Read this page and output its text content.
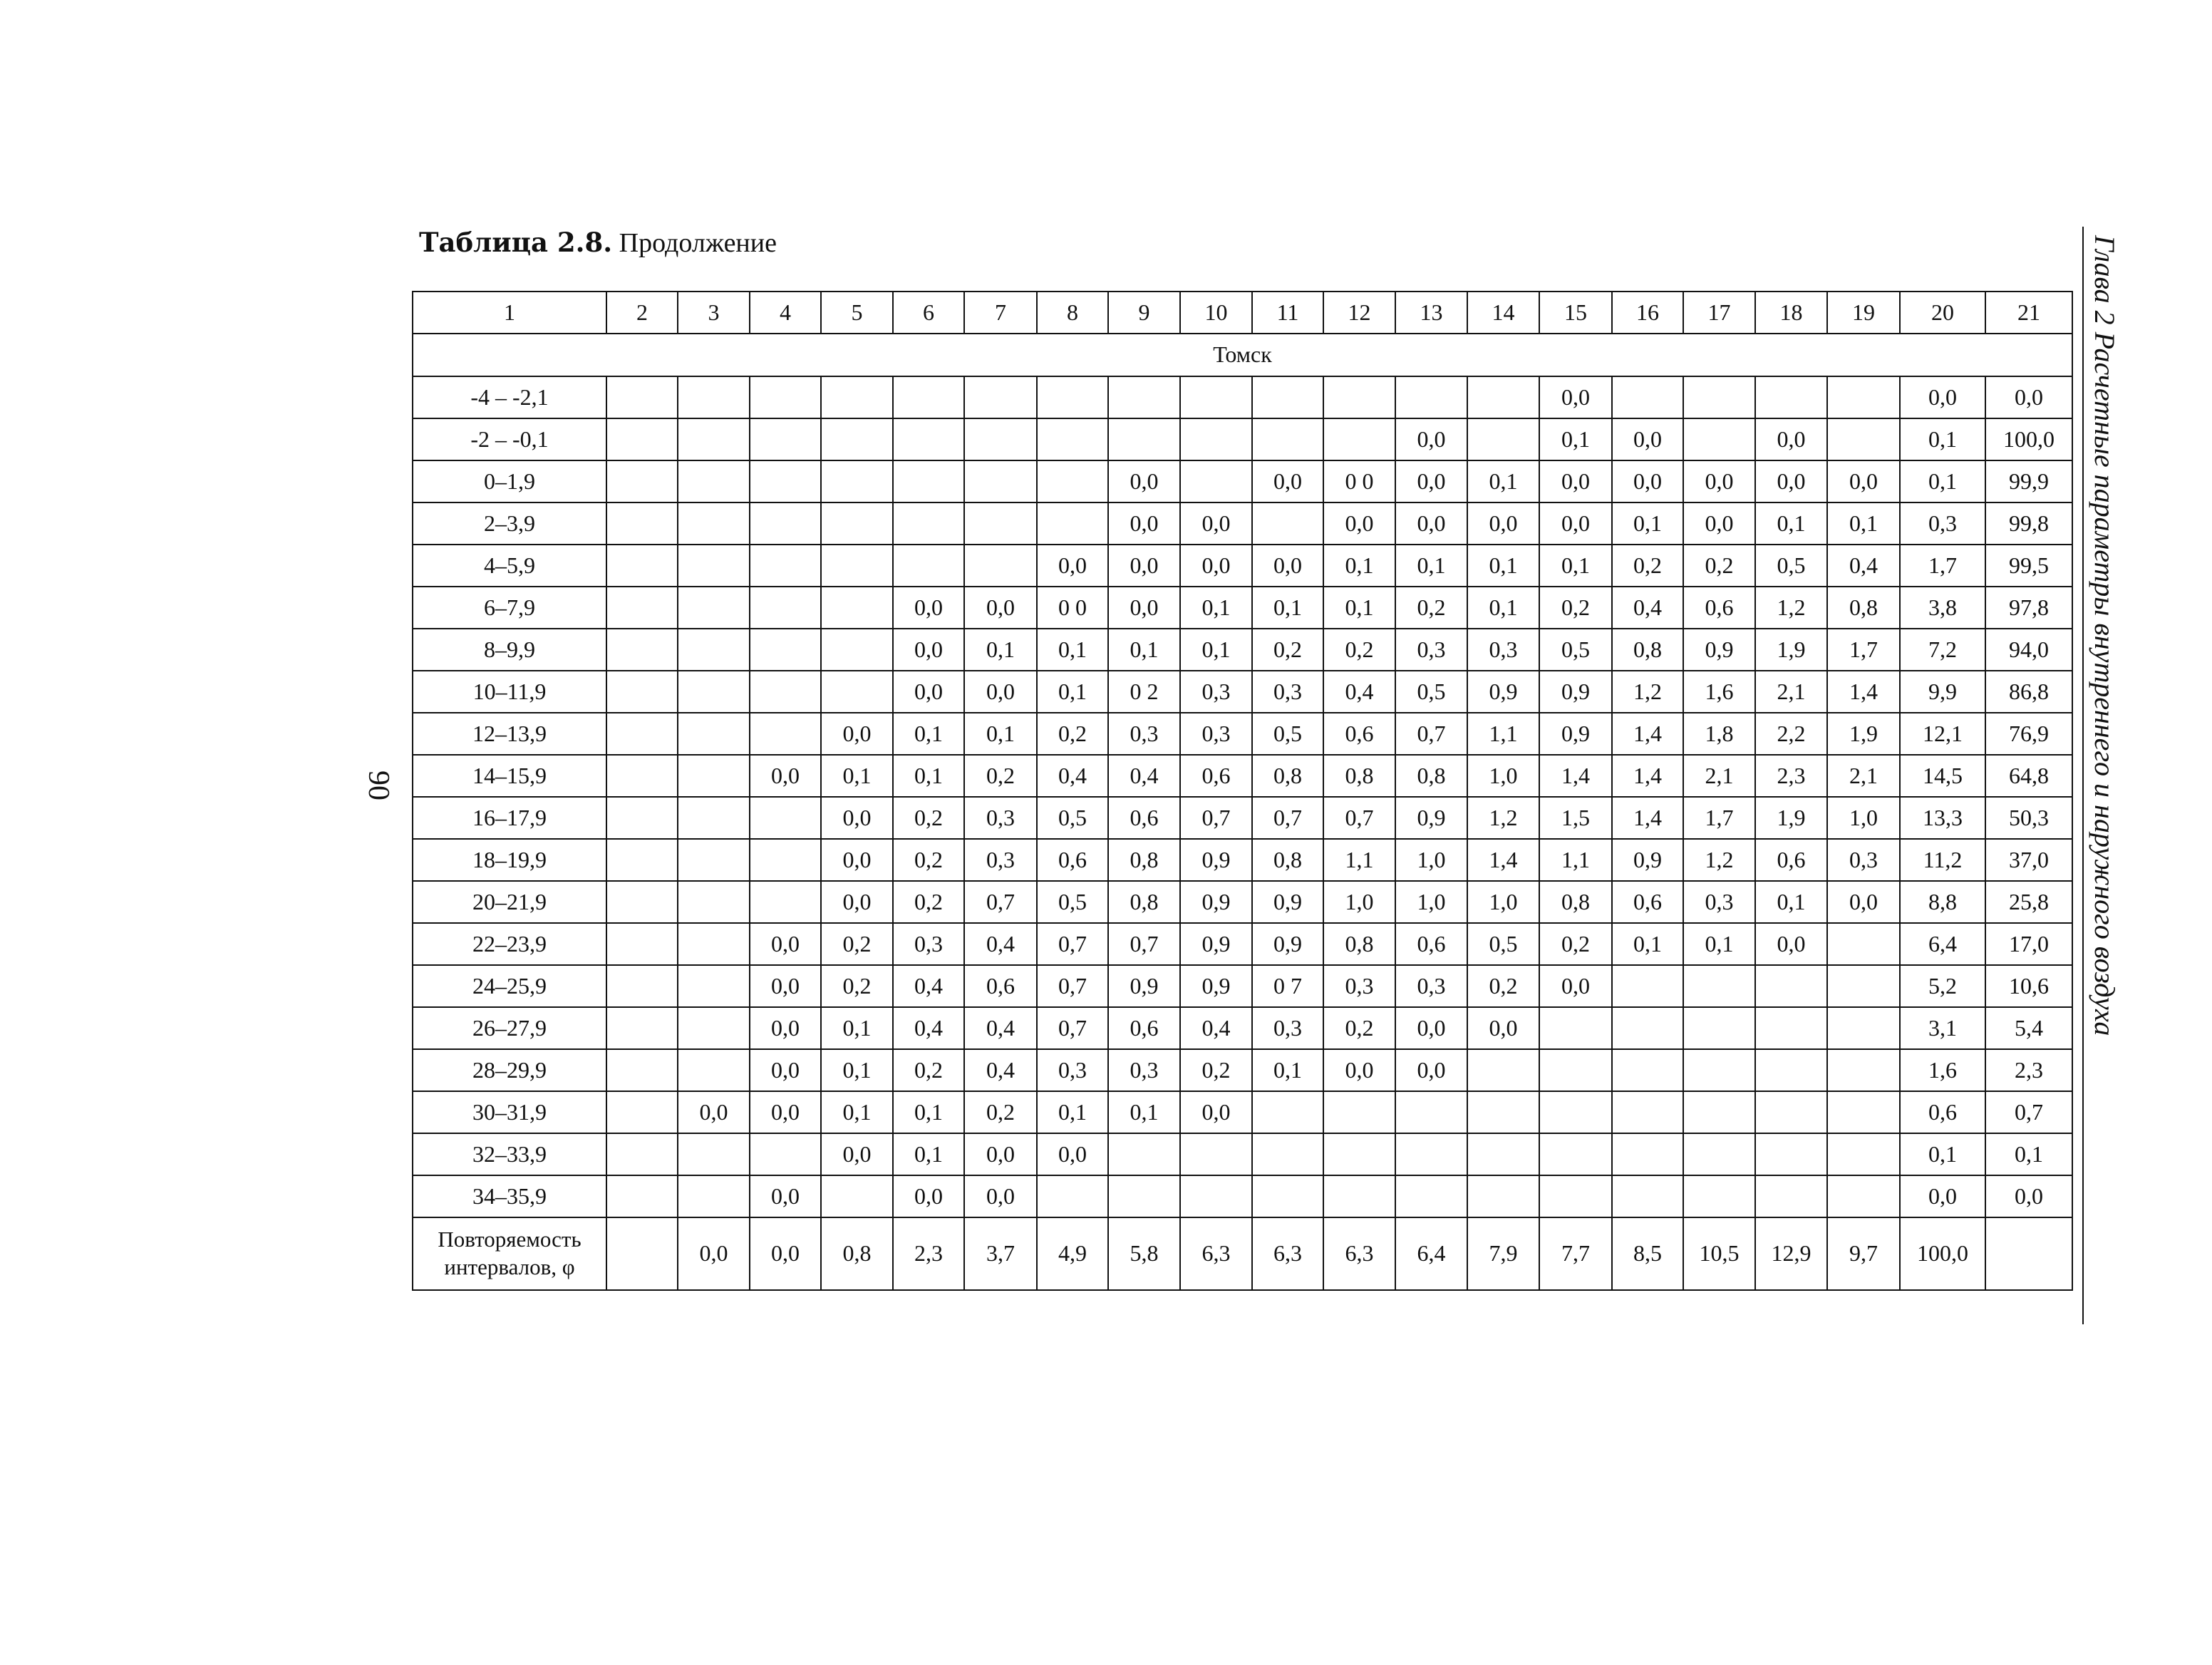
Таблица 2.8. Продолжение
90	Глава 2 Расчетные параметры внутреннего и наружного воздуха
1	2	3	4	5	6	7	8	9	10	11	12	13	14	15	16	17	18	19	20	21
Томск																				
-4 – -2,1														0,0					0,0	0,0
-2 – -0,1												0,0		0,1	0,0		0,0		0,1	100,0
0–1,9								0,0		0,0	0 0	0,0	0,1	0,0	0,0	0,0	0,0	0,0	0,1	99,9
2–3,9								0,0	0,0		0,0	0,0	0,0	0,0	0,1	0,0	0,1	0,1	0,3	99,8
4–5,9							0,0	0,0	0,0	0,0	0,1	0,1	0,1	0,1	0,2	0,2	0,5	0,4	1,7	99,5
6–7,9					0,0	0,0	0 0	0,0	0,1	0,1	0,1	0,2	0,1	0,2	0,4	0,6	1,2	0,8	3,8	97,8
8–9,9					0,0	0,1	0,1	0,1	0,1	0,2	0,2	0,3	0,3	0,5	0,8	0,9	1,9	1,7	7,2	94,0
10–11,9					0,0	0,0	0,1	0 2	0,3	0,3	0,4	0,5	0,9	0,9	1,2	1,6	2,1	1,4	9,9	86,8
12–13,9				0,0	0,1	0,1	0,2	0,3	0,3	0,5	0,6	0,7	1,1	0,9	1,4	1,8	2,2	1,9	12,1	76,9
14–15,9			0,0	0,1	0,1	0,2	0,4	0,4	0,6	0,8	0,8	0,8	1,0	1,4	1,4	2,1	2,3	2,1	14,5	64,8
16–17,9				0,0	0,2	0,3	0,5	0,6	0,7	0,7	0,7	0,9	1,2	1,5	1,4	1,7	1,9	1,0	13,3	50,3
18–19,9				0,0	0,2	0,3	0,6	0,8	0,9	0,8	1,1	1,0	1,4	1,1	0,9	1,2	0,6	0,3	11,2	37,0
20–21,9				0,0	0,2	0,7	0,5	0,8	0,9	0,9	1,0	1,0	1,0	0,8	0,6	0,3	0,1	0,0	8,8	25,8
22–23,9			0,0	0,2	0,3	0,4	0,7	0,7	0,9	0,9	0,8	0,6	0,5	0,2	0,1	0,1	0,0		6,4	17,0
24–25,9			0,0	0,2	0,4	0,6	0,7	0,9	0,9	0 7	0,3	0,3	0,2	0,0					5,2	10,6
26–27,9			0,0	0,1	0,4	0,4	0,7	0,6	0,4	0,3	0,2	0,0	0,0						3,1	5,4
28–29,9			0,0	0,1	0,2	0,4	0,3	0,3	0,2	0,1	0,0	0,0							1,6	2,3
30–31,9		0,0	0,0	0,1	0,1	0,2	0,1	0,1	0,0										0,6	0,7
32–33,9				0,0	0,1	0,0	0,0												0,1	0,1
34–35,9			0,0		0,0	0,0													0,0	0,0
Повторяемость интервалов, φ		0,0	0,0	0,8	2,3	3,7	4,9	5,8	6,3	6,3	6,3	6,4	7,9	7,7	8,5	10,5	12,9	9,7	100,0	
